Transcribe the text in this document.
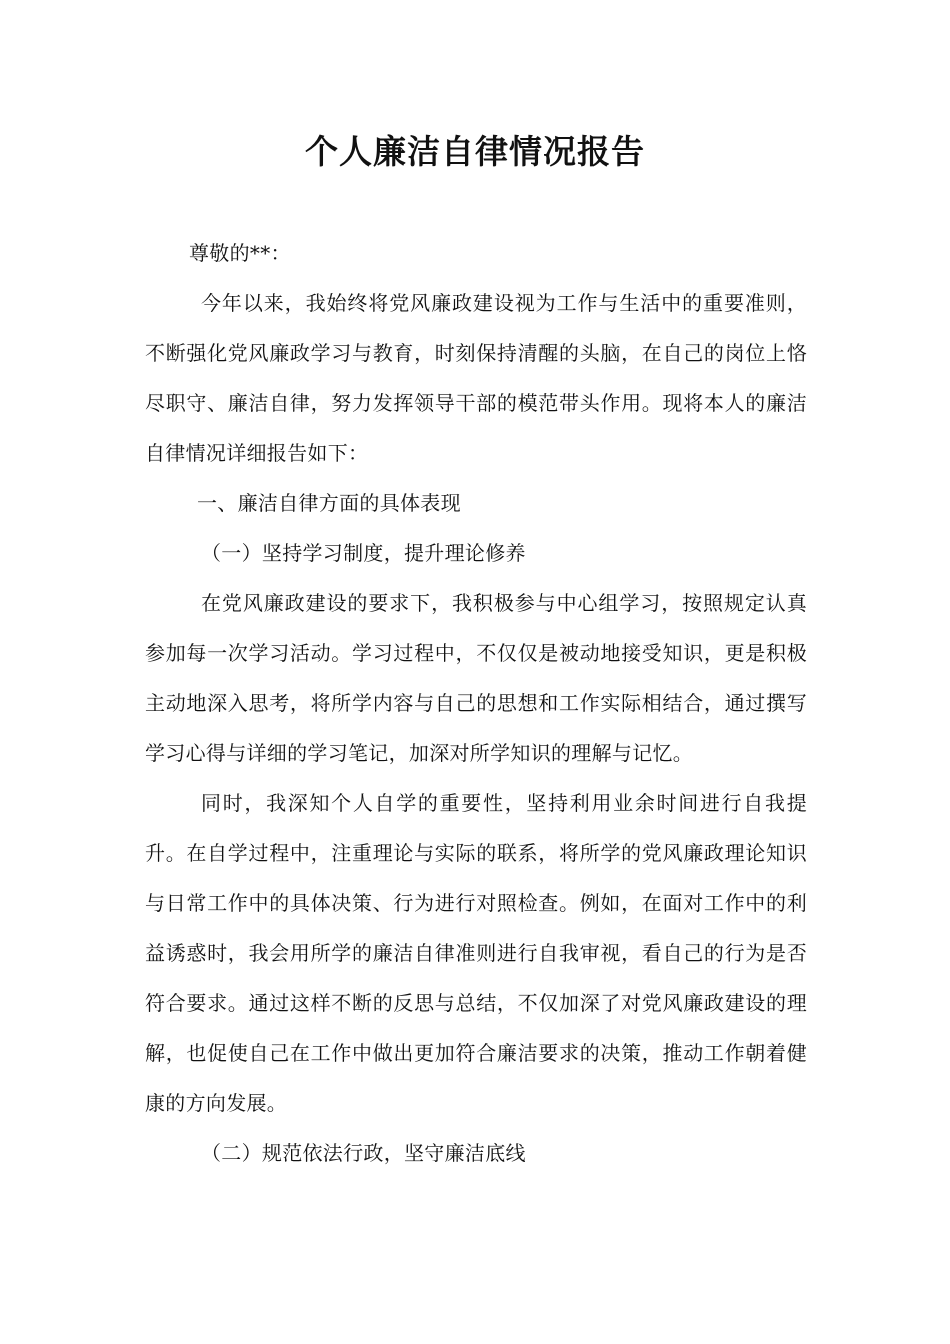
个人廉洁自律情况报告

尊敬的**：

今年以来，我始终将党风廉政建设视为工作与生活中的重要准则，不断强化党风廉政学习与教育，时刻保持清醒的头脑，在自己的岗位上恪尽职守、廉洁自律，努力发挥领导干部的模范带头作用。现将本人的廉洁自律情况详细报告如下：

一、廉洁自律方面的具体表现

（一）坚持学习制度，提升理论修养

在党风廉政建设的要求下，我积极参与中心组学习，按照规定认真参加每一次学习活动。学习过程中，不仅仅是被动地接受知识，更是积极主动地深入思考，将所学内容与自己的思想和工作实际相结合，通过撰写学习心得与详细的学习笔记，加深对所学知识的理解与记忆。

同时，我深知个人自学的重要性，坚持利用业余时间进行自我提升。在自学过程中，注重理论与实际的联系，将所学的党风廉政理论知识与日常工作中的具体决策、行为进行对照检查。例如，在面对工作中的利益诱惑时，我会用所学的廉洁自律准则进行自我审视，看自己的行为是否符合要求。通过这样不断的反思与总结，不仅加深了对党风廉政建设的理解，也促使自己在工作中做出更加符合廉洁要求的决策，推动工作朝着健康的方向发展。

（二）规范依法行政，坚守廉洁底线
